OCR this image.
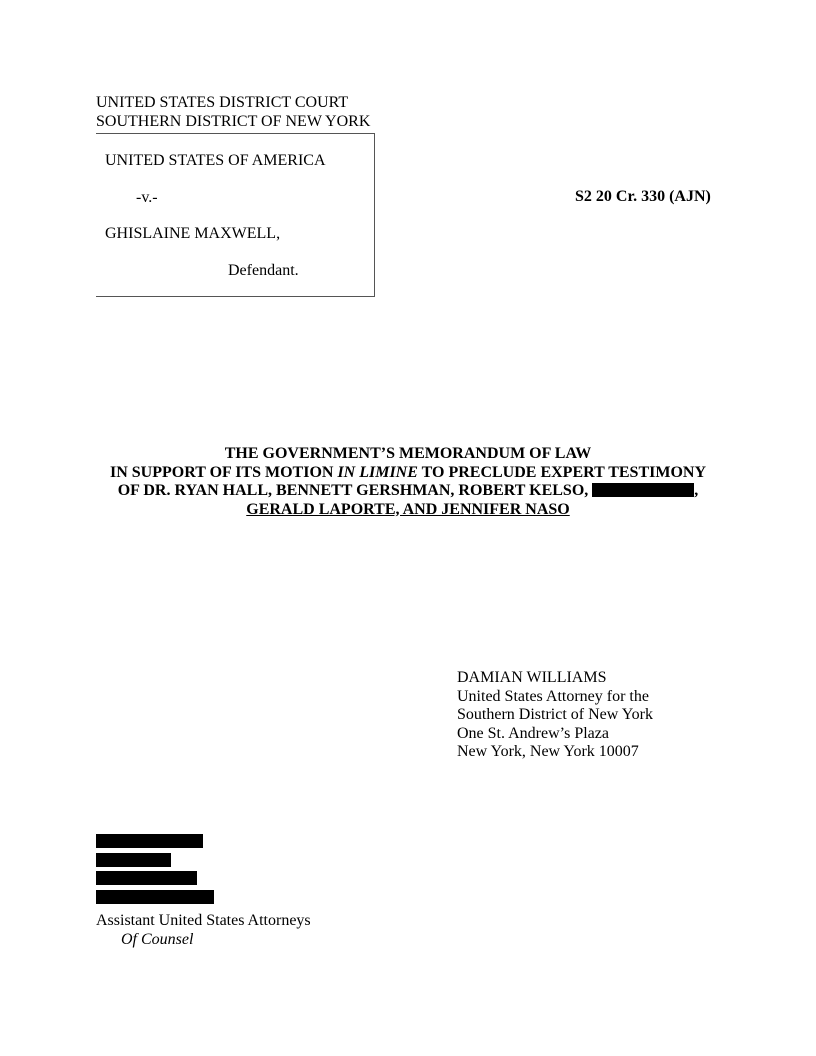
UNITED STATES DISTRICT COURT
SOUTHERN DISTRICT OF NEW YORK
UNITED STATES OF AMERICA
-v.-
GHISLAINE MAXWELL,
Defendant.
S2 20 Cr. 330 (AJN)
THE GOVERNMENT’S MEMORANDUM OF LAW
IN SUPPORT OF ITS MOTION IN LIMINE TO PRECLUDE EXPERT TESTIMONY
OF DR. RYAN HALL, BENNETT GERSHMAN, ROBERT KELSO,	,
GERALD LAPORTE, AND JENNIFER NASO
DAMIAN WILLIAMS
United States Attorney for the
Southern District of New York
One St. Andrew’s Plaza
New York, New York 10007
Assistant United States Attorneys
Of Counsel
